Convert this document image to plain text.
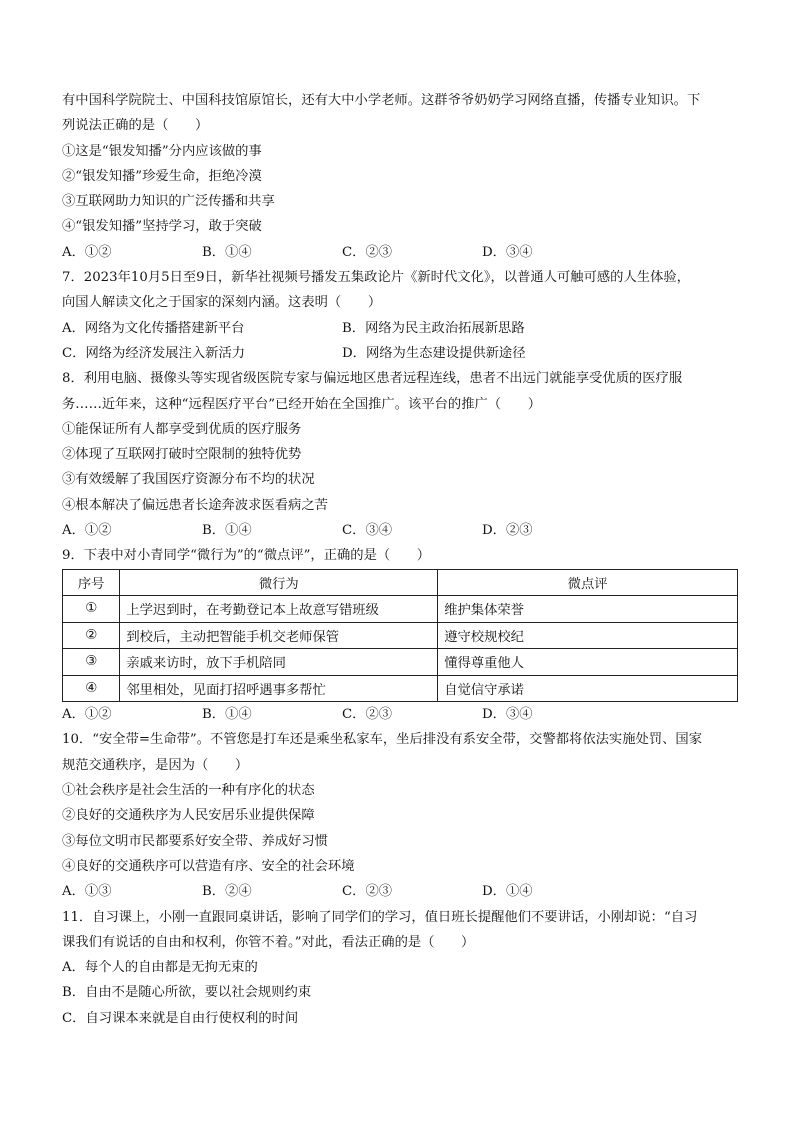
有中国科学院院士、中国科技馆原馆长，还有大中小学老师。这群爷爷奶奶学习网络直播，传播专业知识。下
列说法正确的是（　　）
①这是“银发知播”分内应该做的事
②“银发知播”珍爱生命，拒绝冷漠
③互联网助力知识的广泛传播和共享
④“银发知播”坚持学习，敢于突破
A．①②	B．①④	C．②③	D．③④
7．2023年10月5日至9日，新华社视频号播发五集政论片《新时代文化》，以普通人可触可感的人生体验，
向国人解读文化之于国家的深刻内涵。这表明（　　）
A．网络为文化传播搭建新平台	B．网络为民主政治拓展新思路
C．网络为经济发展注入新活力	D．网络为生态建设提供新途径
8．利用电脑、摄像头等实现省级医院专家与偏远地区患者远程连线，患者不出远门就能享受优质的医疗服
务……近年来，这种“远程医疗平台”已经开始在全国推广。该平台的推广（　　）
①能保证所有人都享受到优质的医疗服务
②体现了互联网打破时空限制的独特优势
③有效缓解了我国医疗资源分布不均的状况
④根本解决了偏远患者长途奔波求医看病之苦
A．①②	B．①④	C．③④	D．②③
9．下表中对小青同学“微行为”的“微点评”，正确的是（　　）
序号	微行为	微点评
①	上学迟到时，在考勤登记本上故意写错班级	维护集体荣誉
②	到校后，主动把智能手机交老师保管	遵守校规校纪
③	亲戚来访时，放下手机陪同	懂得尊重他人
④	邻里相处，见面打招呼遇事多帮忙	自觉信守承诺
A．①②	B．①④	C．②③	D．③④
10．“安全带=生命带”。不管您是打车还是乘坐私家车，坐后排没有系安全带，交警都将依法实施处罚、国家
规范交通秩序，是因为（　　）
①社会秩序是社会生活的一种有序化的状态
②良好的交通秩序为人民安居乐业提供保障
③每位文明市民都要系好安全带、养成好习惯
④良好的交通秩序可以营造有序、安全的社会环境
A．①③	B．②④	C．②③	D．①④
11．自习课上，小刚一直跟同桌讲话，影响了同学们的学习，值日班长提醒他们不要讲话，小刚却说：“自习
课我们有说话的自由和权利，你管不着。”对此，看法正确的是（　　）
A．每个人的自由都是无拘无束的
B．自由不是随心所欲，要以社会规则约束
C．自习课本来就是自由行使权利的时间
